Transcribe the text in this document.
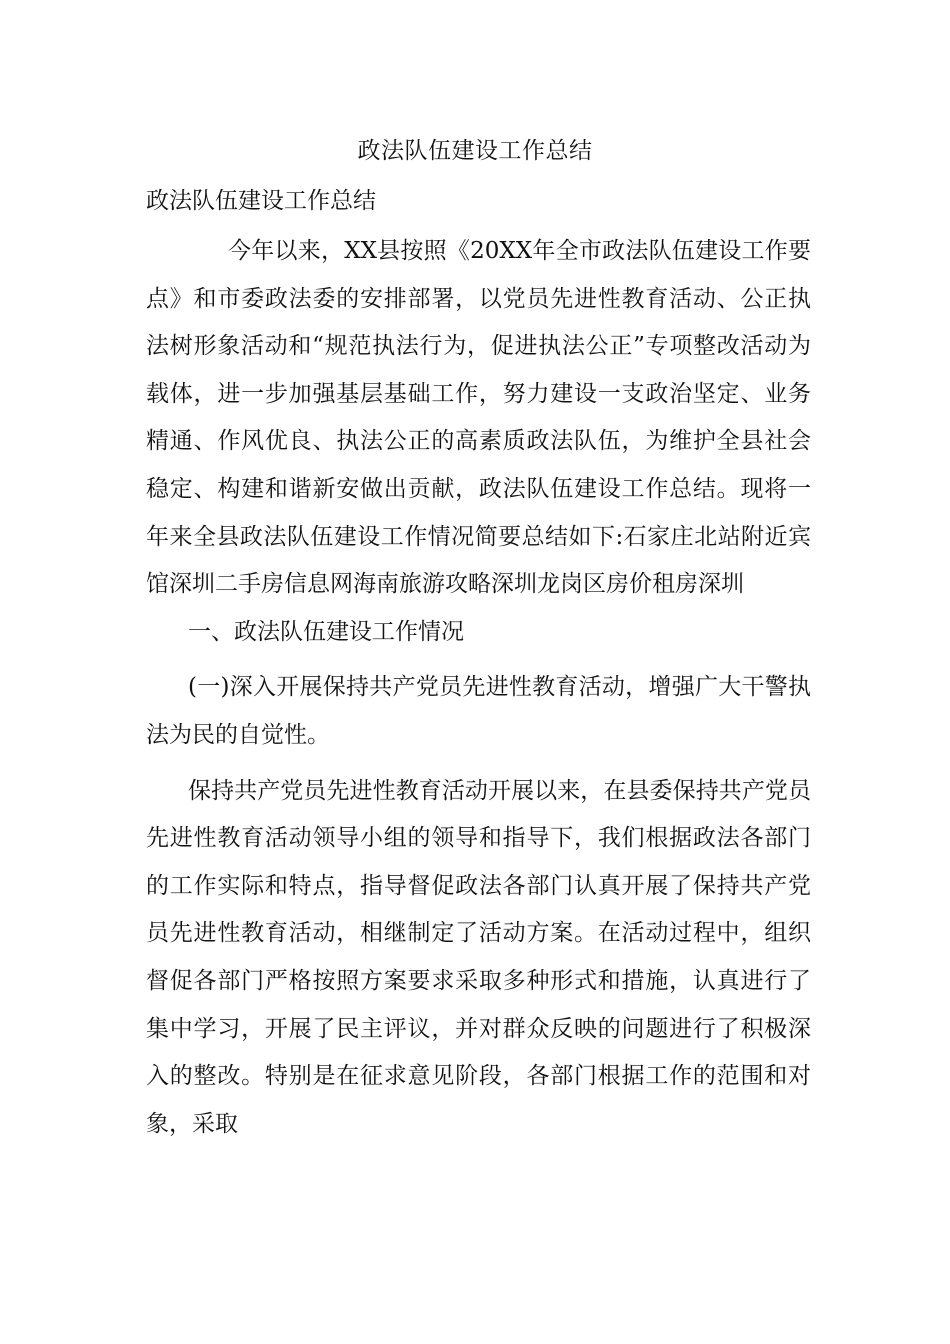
政法队伍建设工作总结
政法队伍建设工作总结

今年以来，XX县按照《20XX年全市政法队伍建设工作要点》和市委政法委的安排部署，以党员先进性教育活动、公正执法树形象活动和“规范执法行为，促进执法公正”专项整改活动为载体，进一步加强基层基础工作，努力建设一支政治坚定、业务精通、作风优良、执法公正的高素质政法队伍，为维护全县社会稳定、构建和谐新安做出贡献，政法队伍建设工作总结。现将一年来全县政法队伍建设工作情况简要总结如下:石家庄北站附近宾馆深圳二手房信息网海南旅游攻略深圳龙岗区房价租房深圳

一、政法队伍建设工作情况

(一)深入开展保持共产党员先进性教育活动，增强广大干警执法为民的自觉性。

保持共产党员先进性教育活动开展以来，在县委保持共产党员先进性教育活动领导小组的领导和指导下，我们根据政法各部门的工作实际和特点，指导督促政法各部门认真开展了保持共产党员先进性教育活动，相继制定了活动方案。在活动过程中，组织督促各部门严格按照方案要求采取多种形式和措施，认真进行了集中学习，开展了民主评议，并对群众反映的问题进行了积极深入的整改。特别是在征求意见阶段，各部门根据工作的范围和对象，采取
